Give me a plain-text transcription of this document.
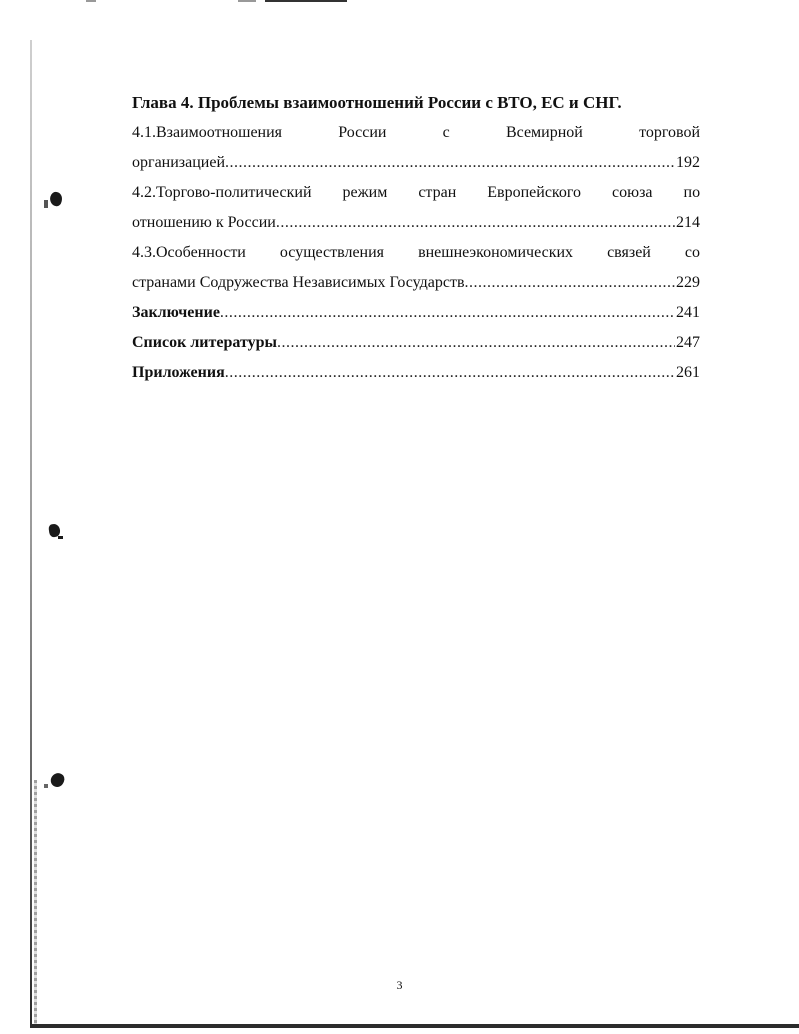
Глава 4. Проблемы взаимоотношений России с ВТО, ЕС и СНГ.
4.1.Взаимоотношения	России	с	Всемирной	торговой
организацией .....	192
4.2.Торгово-политический режим стран Европейского союза по
отношению к России .....	214
4.3.Особенности осуществления внешнеэкономических связей со
странами Содружества Независимых Государств .....	229
Заключение .....	241
Список литературы .....	247
Приложения .....	261
3
